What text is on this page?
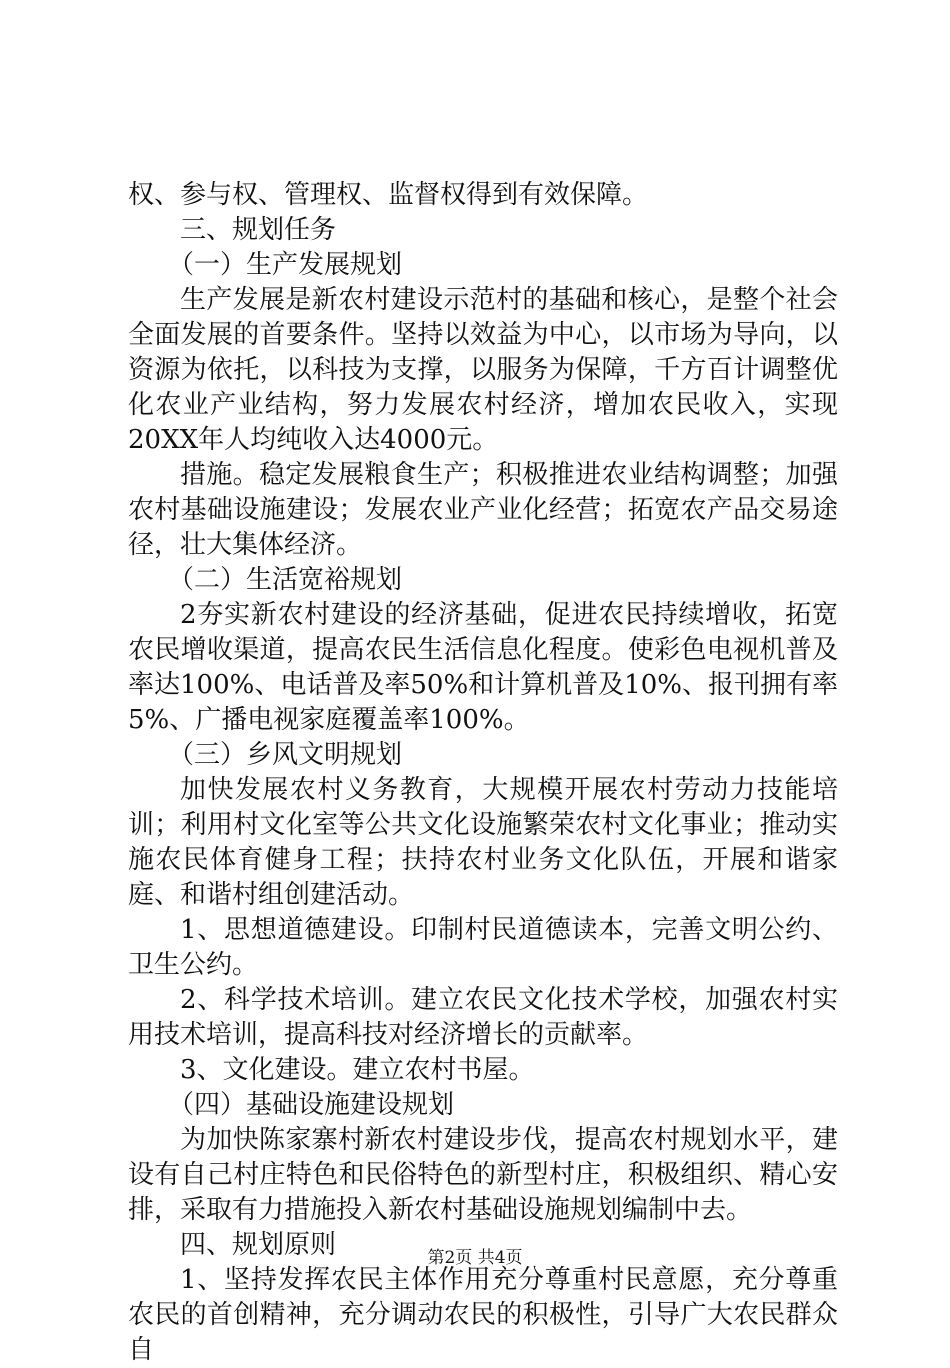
权、参与权、管理权、监督权得到有效保障。

三、规划任务

（一）生产发展规划

生产发展是新农村建设示范村的基础和核心，是整个社会全面发展的首要条件。坚持以效益为中心，以市场为导向，以资源为依托，以科技为支撑，以服务为保障，千方百计调整优化农业产业结构，努力发展农村经济，增加农民收入，实现20XX年人均纯收入达4000元。

措施。稳定发展粮食生产；积极推进农业结构调整；加强农村基础设施建设；发展农业产业化经营；拓宽农产品交易途径，壮大集体经济。

（二）生活宽裕规划

2夯实新农村建设的经济基础，促进农民持续增收，拓宽农民增收渠道，提高农民生活信息化程度。使彩色电视机普及率达100%、电话普及率50%和计算机普及10%、报刊拥有率5%、广播电视家庭覆盖率100%。

（三）乡风文明规划

加快发展农村义务教育，大规模开展农村劳动力技能培训；利用村文化室等公共文化设施繁荣农村文化事业；推动实施农民体育健身工程；扶持农村业务文化队伍，开展和谐家庭、和谐村组创建活动。

1、思想道德建设。印制村民道德读本，完善文明公约、卫生公约。

2、科学技术培训。建立农民文化技术学校，加强农村实用技术培训，提高科技对经济增长的贡献率。

3、文化建设。建立农村书屋。

（四）基础设施建设规划

为加快陈家寨村新农村建设步伐，提高农村规划水平，建设有自己村庄特色和民俗特色的新型村庄，积极组织、精心安排，采取有力措施投入新农村基础设施规划编制中去。

四、规划原则

1、坚持发挥农民主体作用充分尊重村民意愿，充分尊重农民的首创精神，充分调动农民的积极性，引导广大农民群众自

第2页 共4页
